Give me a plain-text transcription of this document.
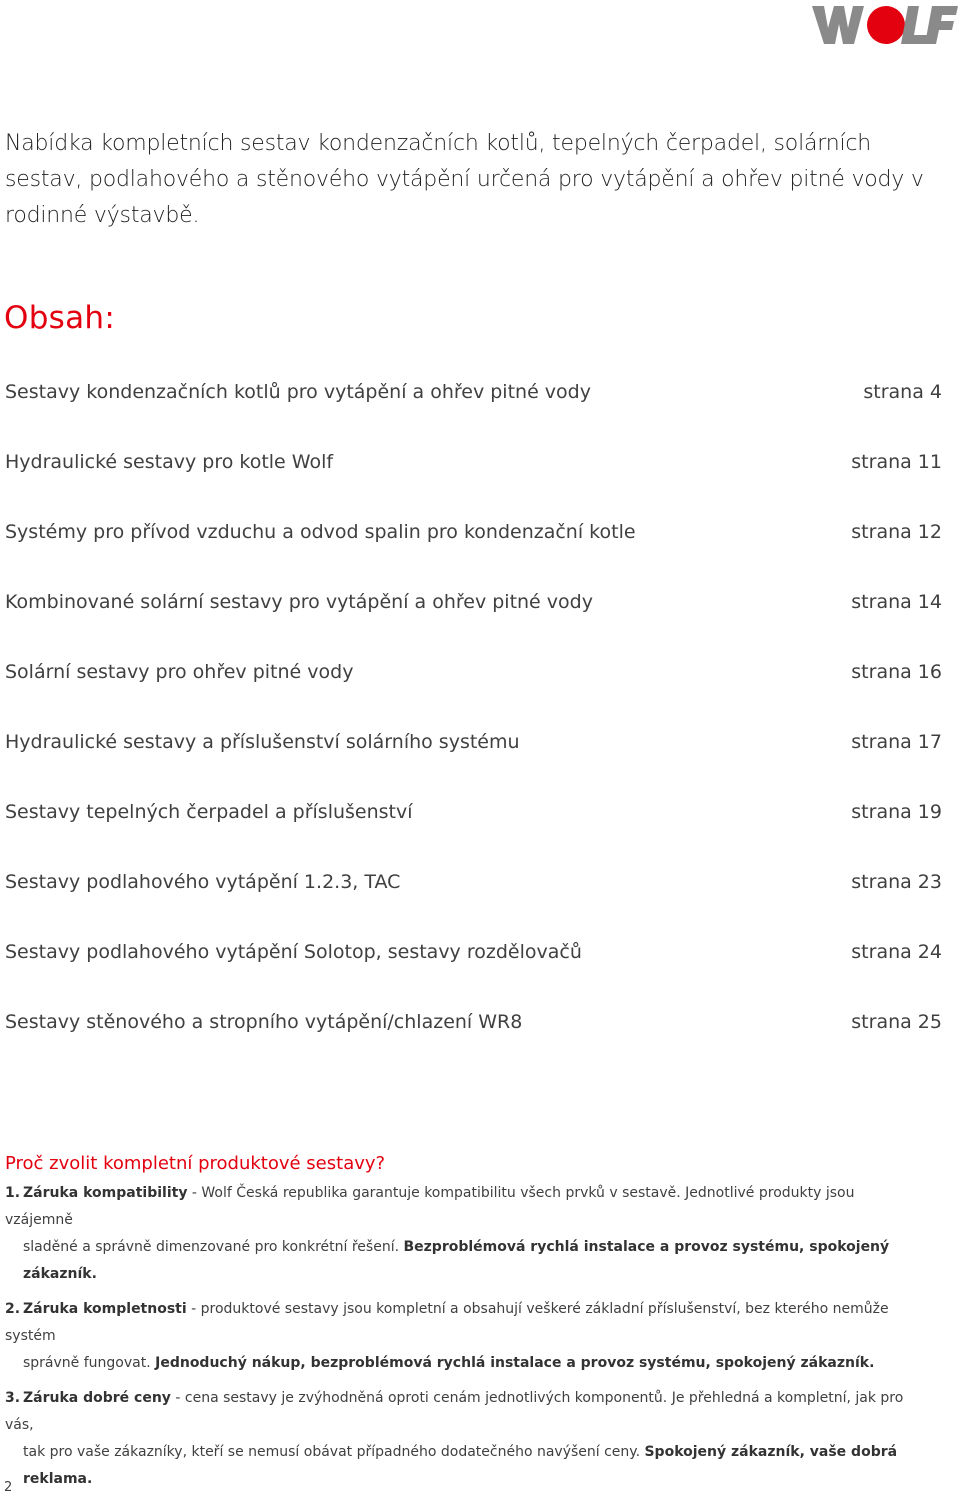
Nabídka kompletních sestav kondenzačních kotlů, tepelných čerpadel, solárních sestav, podlahového a stěnového vytápění určená pro vytápění a ohřev pitné vody v rodinné výstavbě.
Obsah:
Sestavy kondenzačních kotlů pro vytápění a ohřev pitné vody	strana 4
Hydraulické sestavy pro kotle Wolf	strana 11
Systémy pro přívod vzduchu a odvod spalin pro kondenzační kotle	strana 12
Kombinované solární sestavy pro vytápění a ohřev pitné vody	strana 14
Solární sestavy pro ohřev pitné vody	strana 16
Hydraulické sestavy a příslušenství solárního systému	strana 17
Sestavy tepelných čerpadel a příslušenství	strana 19
Sestavy podlahového vytápění 1.2.3, TAC	strana 23
Sestavy podlahového vytápění Solotop, sestavy rozdělovačů	strana 24
Sestavy stěnového a stropního vytápění/chlazení WR8	strana 25
Proč zvolit kompletní produktové sestavy?
1. Záruka kompatibility - Wolf Česká republika garantuje kompatibilitu všech prvků v sestavě. Jednotlivé produkty jsou vzájemně
sladěné a správně dimenzované pro konkrétní řešení. Bezproblémová rychlá instalace a provoz systému, spokojený zákazník.
2. Záruka kompletnosti - produktové sestavy jsou kompletní a obsahují veškeré základní příslušenství, bez kterého nemůže systém
správně fungovat. Jednoduchý nákup, bezproblémová rychlá instalace a provoz systému, spokojený zákazník.
3. Záruka dobré ceny - cena sestavy je zvýhodněná oproti cenám jednotlivých komponentů. Je přehledná a kompletní, jak pro vás,
tak pro vaše zákazníky, kteří se nemusí obávat případného dodatečného navýšení ceny. Spokojený zákazník, vaše dobrá reklama.
2
